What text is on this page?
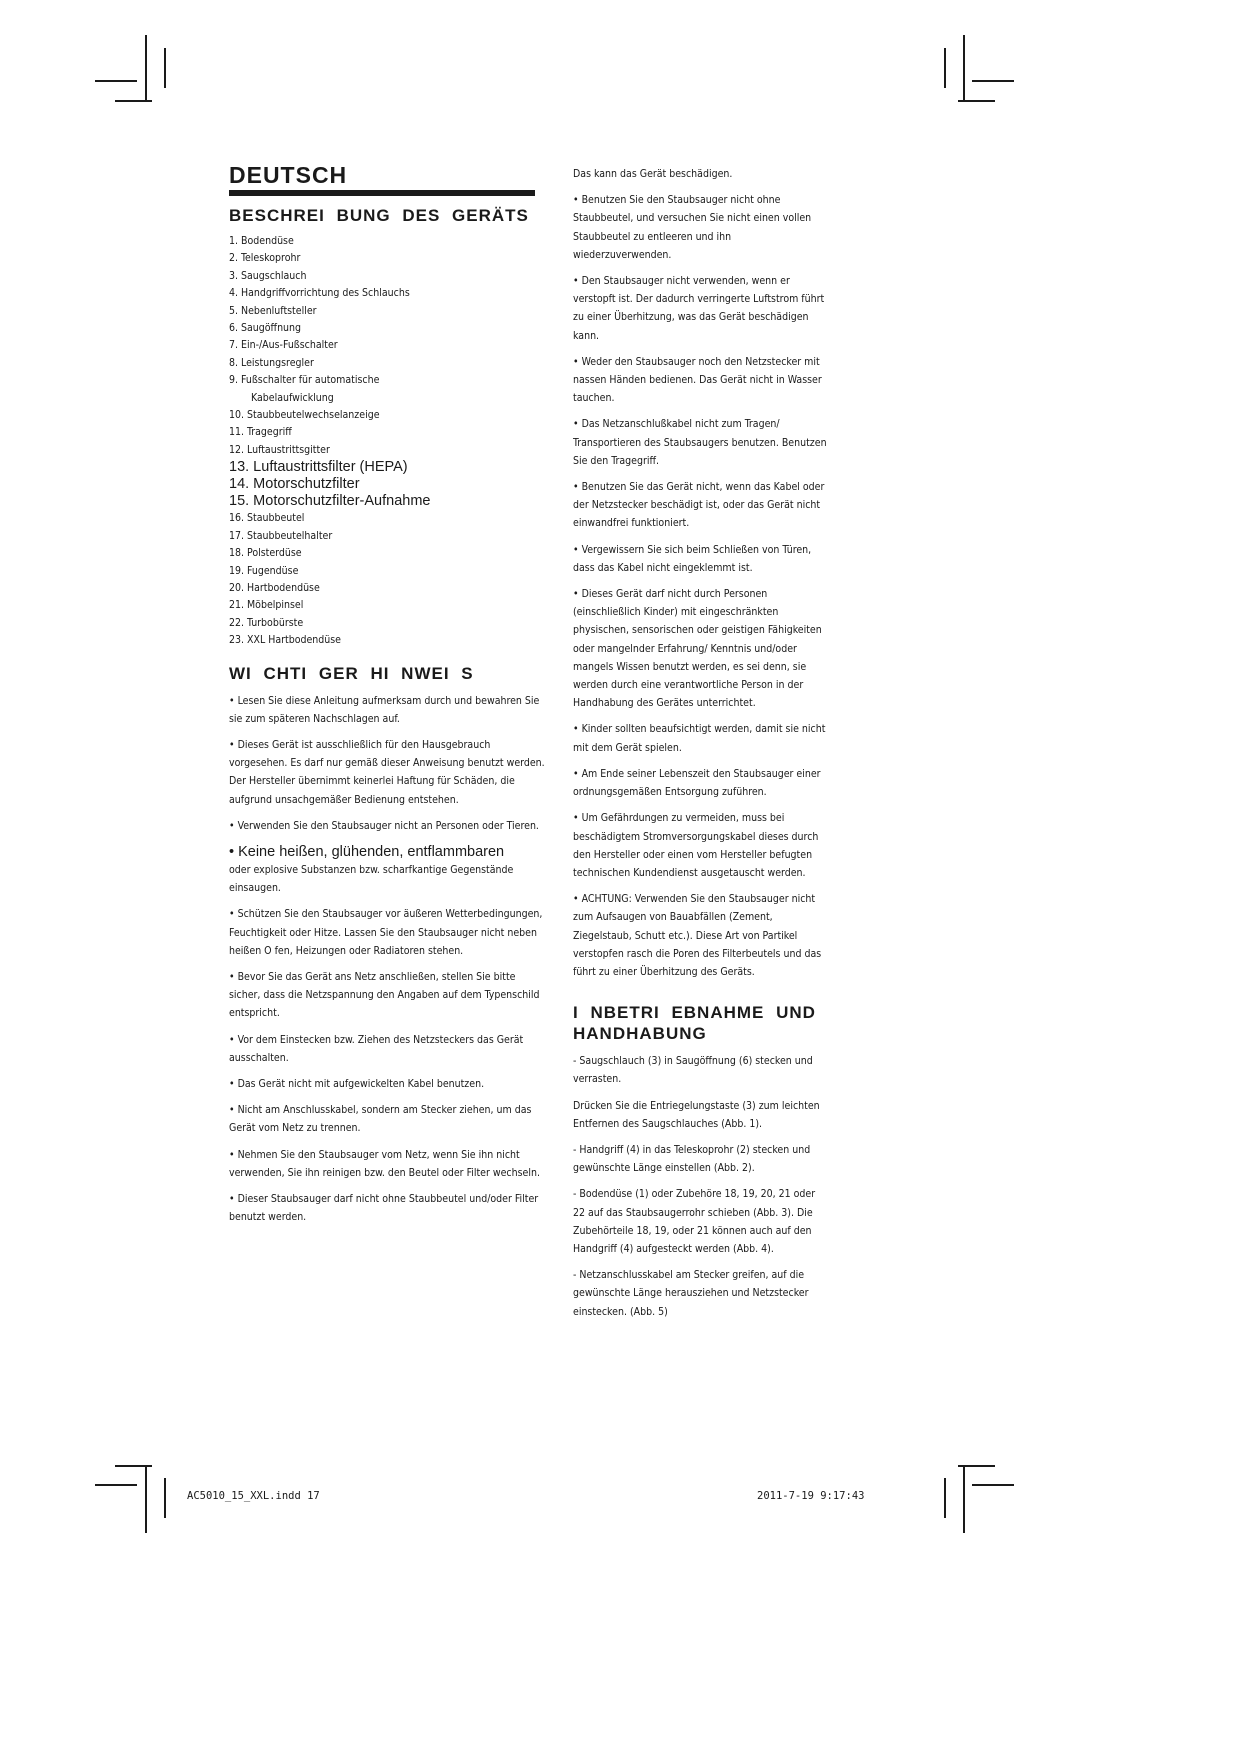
DEUTSCH
BESCHREI BUNG DES GERÄTS
1. Bodendüse
2. Teleskoprohr
3. Saugschlauch
4. Handgriffvorrichtung des Schlauchs
5. Nebenluftsteller
6. Saugöffnung
7. Ein-/Aus-Fußschalter
8. Leistungsregler
9. Fußschalter für automatische
Kabelaufwicklung
10. Staubbeutelwechselanzeige
11. Tragegriff
12. Luftaustrittsgitter
13. Luftaustrittsfilter (HEPA)
14. Motorschutzfilter
15. Motorschutzfilter-Aufnahme
16. Staubbeutel
17. Staubbeutelhalter
18. Polsterdüse
19. Fugendüse
20. Hartbodendüse
21. Möbelpinsel
22. Turbobürste
23. XXL Hartbodendüse
WI CHTI GER HI NWEI S

• Lesen Sie diese Anleitung aufmerksam durch und bewahren Sie sie zum späteren Nachschlagen auf.

• Dieses Gerät ist ausschließlich für den Hausgebrauch vorgesehen. Es darf nur gemäß dieser Anweisung benutzt werden. Der Hersteller übernimmt keinerlei Haftung für Schäden, die aufgrund unsachgemäßer Bedienung entstehen.

• Verwenden Sie den Staubsauger nicht an Personen oder Tieren.

• Keine heißen, glühenden, entflammbaren

oder explosive Substanzen bzw. scharfkantige Gegenstände einsaugen.

• Schützen Sie den Staubsauger vor äußeren Wetterbedingungen, Feuchtigkeit oder Hitze. Lassen Sie den Staubsauger nicht neben heißen O fen, Heizungen oder Radiatoren stehen.

• Bevor Sie das Gerät ans Netz anschließen, stellen Sie bitte sicher, dass die Netzspannung den Angaben auf dem Typenschild entspricht.

• Vor dem Einstecken bzw. Ziehen des Netzsteckers das Gerät ausschalten.

• Das Gerät nicht mit aufgewickelten Kabel benutzen.

• Nicht am Anschlusskabel, sondern am Stecker ziehen, um das Gerät vom Netz zu trennen.

• Nehmen Sie den Staubsauger vom Netz, wenn Sie ihn nicht verwenden, Sie ihn reinigen bzw. den Beutel oder Filter wechseln.

• Dieser Staubsauger darf nicht ohne Staubbeutel und/oder Filter benutzt werden.

Das kann das Gerät beschädigen.

• Benutzen Sie den Staubsauger nicht ohne Staubbeutel, und versuchen Sie nicht einen vollen Staubbeutel zu entleeren und ihn wiederzuverwenden.

• Den Staubsauger nicht verwenden, wenn er verstopft ist. Der dadurch verringerte Luftstrom führt zu einer Überhitzung, was das Gerät beschädigen kann.

• Weder den Staubsauger noch den Netzstecker mit nassen Händen bedienen. Das Gerät nicht in Wasser tauchen.

• Das Netzanschlußkabel nicht zum Tragen/ Transportieren des Staubsaugers benutzen. Benutzen Sie den Tragegriff.

• Benutzen Sie das Gerät nicht, wenn das Kabel oder der Netzstecker beschädigt ist, oder das Gerät nicht einwandfrei funktioniert.

• Vergewissern Sie sich beim Schließen von Türen, dass das Kabel nicht eingeklemmt ist.

• Dieses Gerät darf nicht durch Personen (einschließlich Kinder) mit eingeschränkten physischen, sensorischen oder geistigen Fähigkeiten oder mangelnder Erfahrung/ Kenntnis und/oder mangels Wissen benutzt werden, es sei denn, sie werden durch eine verantwortliche Person in der Handhabung des Gerätes unterrichtet.

• Kinder sollten beaufsichtigt werden, damit sie nicht mit dem Gerät spielen.

• Am Ende seiner Lebenszeit den Staubsauger einer ordnungsgemäßen Entsorgung zuführen.

• Um Gefährdungen zu vermeiden, muss bei beschädigtem Stromversorgungskabel dieses durch den Hersteller oder einen vom Hersteller befugten technischen Kundendienst ausgetauscht werden.

• ACHTUNG: Verwenden Sie den Staubsauger nicht zum Aufsaugen von Bauabfällen (Zement, Ziegelstaub, Schutt etc.). Diese Art von Partikel verstopfen rasch die Poren des Filterbeutels und das führt zu einer Überhitzung des Geräts.

I NBETRI EBNAHME UND
HANDHABUNG

- Saugschlauch (3) in Saugöffnung (6) stecken und verrasten.

Drücken Sie die Entriegelungstaste (3) zum leichten Entfernen des Saugschlauches (Abb. 1).

- Handgriff (4) in das Teleskoprohr (2) stecken und gewünschte Länge einstellen (Abb. 2).

- Bodendüse (1) oder Zubehöre 18, 19, 20, 21 oder 22 auf das Staubsaugerrohr schieben (Abb. 3). Die Zubehörteile 18, 19, oder 21 können auch auf den Handgriff (4) aufgesteckt werden (Abb. 4).

- Netzanschlusskabel am Stecker greifen, auf die gewünschte Länge herausziehen und Netzstecker einstecken. (Abb. 5)

AC5010_15_XXL.indd 17	2011-7-19 9:17:43
